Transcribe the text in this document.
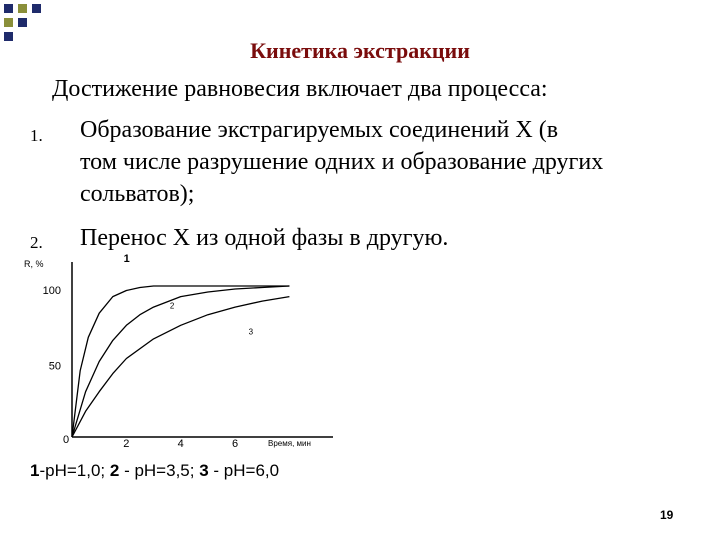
Кинетика экстракции
Достижение равновесия включает два процесса:
1. Образование экстрагируемых соединений X (в
том числе разрушение одних и образование других
сольватов);
2. Перенос X из одной фазы в другую.
R, %
Время, мин
0
100
50
2	4	6
1
2
3
1-pH=1,0; 2 - pH=3,5; 3 - pH=6,0
19
